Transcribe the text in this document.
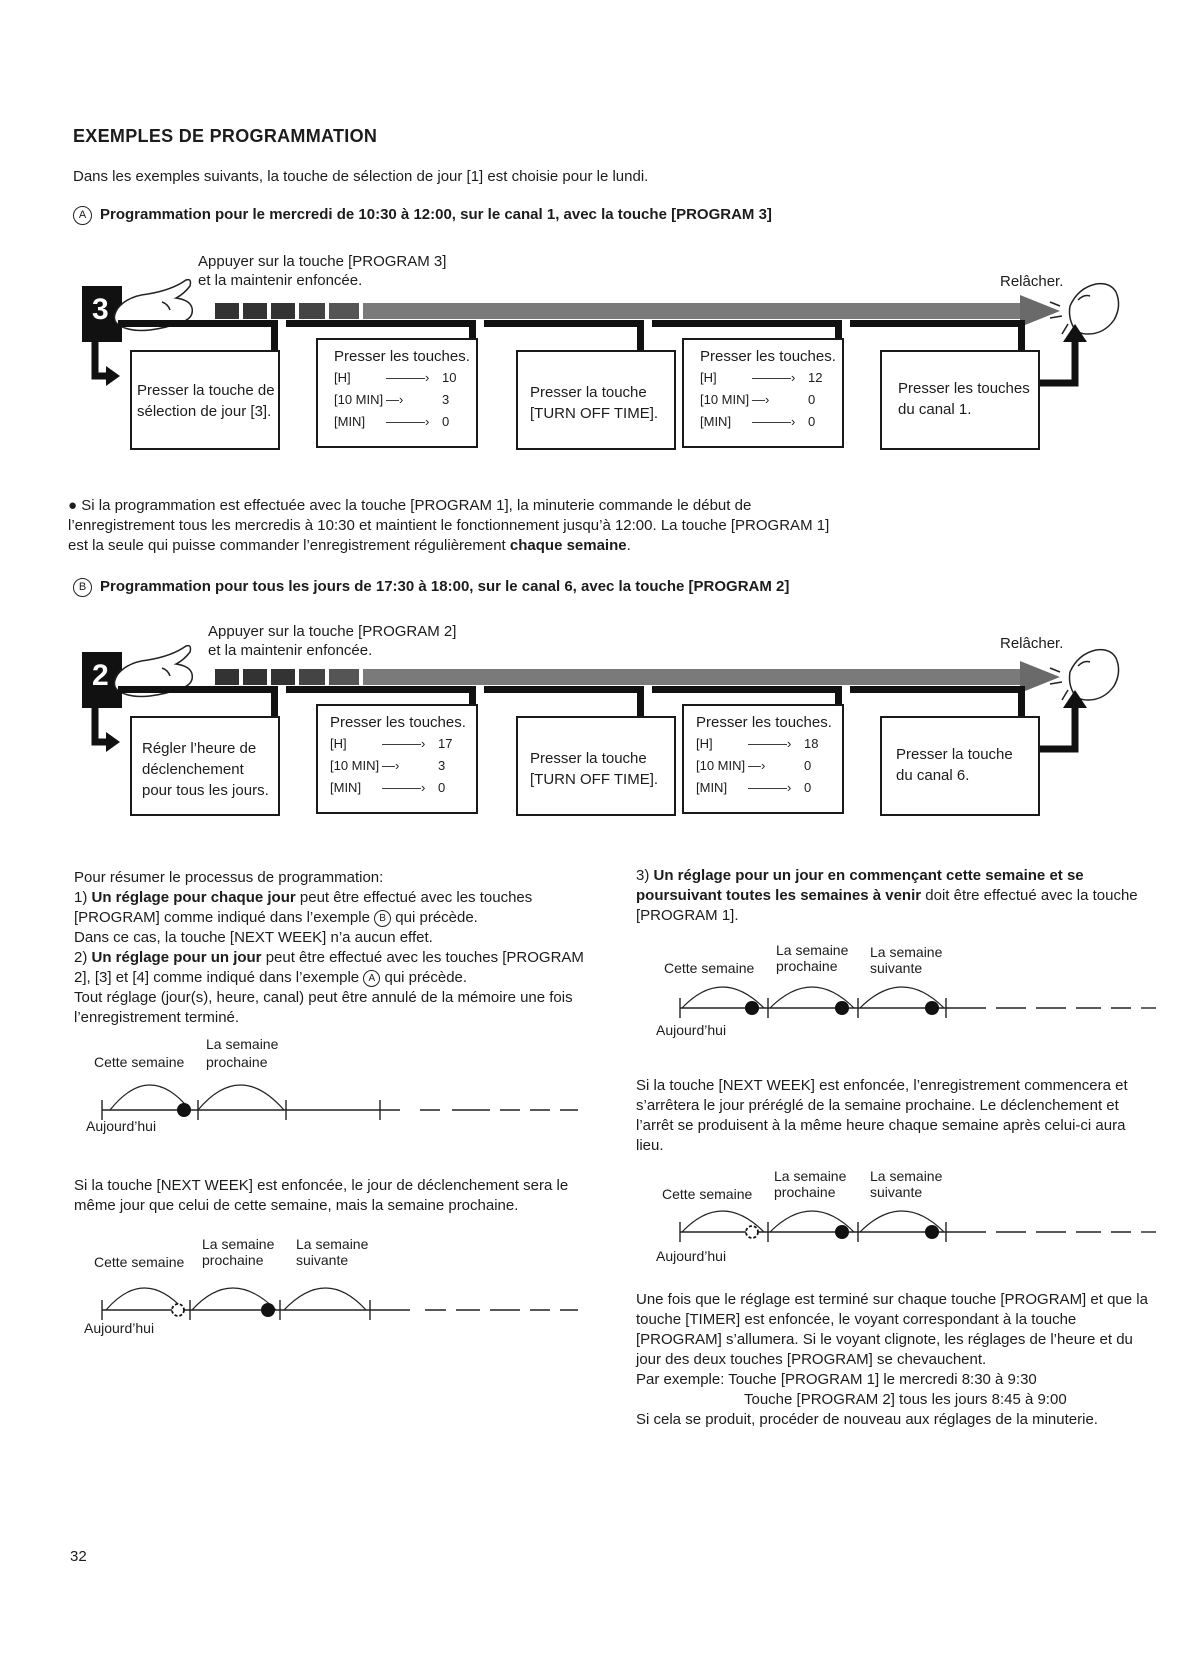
EXEMPLES DE PROGRAMMATION
Dans les exemples suivants, la touche de sélection de jour [1] est choisie pour le lundi.
A Programmation pour le mercredi de 10:30 à 12:00, sur le canal 1, avec la touche [PROGRAM 3]
3
Appuyer sur la touche [PROGRAM 3]
et la maintenir enfoncée.	Relâcher.
Presser la touche de
sélection de jour [3].
Presser les touches.
[H]	———› 10
[10 MIN] —›	3
[MIN] ———› 0
Presser la touche
[TURN OFF TIME].
Presser les touches.
[H]	———› 12
[10 MIN] —›	0
[MIN] ———› 0
Presser les touches
du canal 1.
● Si la programmation est effectuée avec la touche [PROGRAM 1], la minuterie commande le début de l’enregistrement tous les mercredis à 10:30 et maintient le fonctionnement jusqu’à 12:00. La touche [PROGRAM 1] est la seule qui puisse commander l’enregistrement régulièrement chaque semaine.
B Programmation pour tous les jours de 17:30 à 18:00, sur le canal 6, avec la touche [PROGRAM 2]
2
Appuyer sur la touche [PROGRAM 2]
et la maintenir enfoncée.	Relâcher.
Régler l’heure de
déclenchement
pour tous les jours.
Presser les touches.
[H]	———› 17
[10 MIN] —›	3
[MIN] ———› 0
Presser la touche
[TURN OFF TIME].
Presser les touches.
[H]	———› 18
[10 MIN] —›	0
[MIN] ———› 0
Presser la touche
du canal 6.
Pour résumer le processus de programmation:
1) Un réglage pour chaque jour peut être effectué avec les touches [PROGRAM] comme indiqué dans l’exemple B qui précède.
Dans ce cas, la touche [NEXT WEEK] n’a aucun effet.
2) Un réglage pour un jour peut être effectué avec les touches [PROGRAM 2], [3] et [4] comme indiqué dans l’exemple A qui précède.
Tout réglage (jour(s), heure, canal) peut être annulé de la mémoire une fois l’enregistrement terminé.
La semaine
Cette semaine prochaine
Aujourd’hui
Si la touche [NEXT WEEK] est enfoncée, le jour de déclenchement sera le même jour que celui de cette semaine, mais la semaine prochaine.
La semaine La semaine
Cette semaine prochaine suivante
Aujourd’hui
3) Un réglage pour un jour en commençant cette semaine et se poursuivant toutes les semaines à venir doit être effectué avec la touche [PROGRAM 1].
La semaine La semaine
Cette semaine prochaine suivante
Aujourd’hui
Si la touche [NEXT WEEK] est enfoncée, l’enregistrement commencera et s’arrêtera le jour préréglé de la semaine prochaine. Le déclenchement et l’arrêt se produisent à la même heure chaque semaine après celui-ci aura lieu.
La semaine La semaine
Cette semaine prochaine suivante
Aujourd’hui
Une fois que le réglage est terminé sur chaque touche [PROGRAM] et que la touche [TIMER] est enfoncée, le voyant correspondant à la touche [PROGRAM] s’allumera. Si le voyant clignote, les réglages de l’heure et du jour des deux touches [PROGRAM] se chevauchent.
Par exemple: Touche [PROGRAM 1] le mercredi 8:30 à 9:30
Touche [PROGRAM 2] tous les jours 8:45 à 9:00
Si cela se produit, procéder de nouveau aux réglages de la minuterie.
32
